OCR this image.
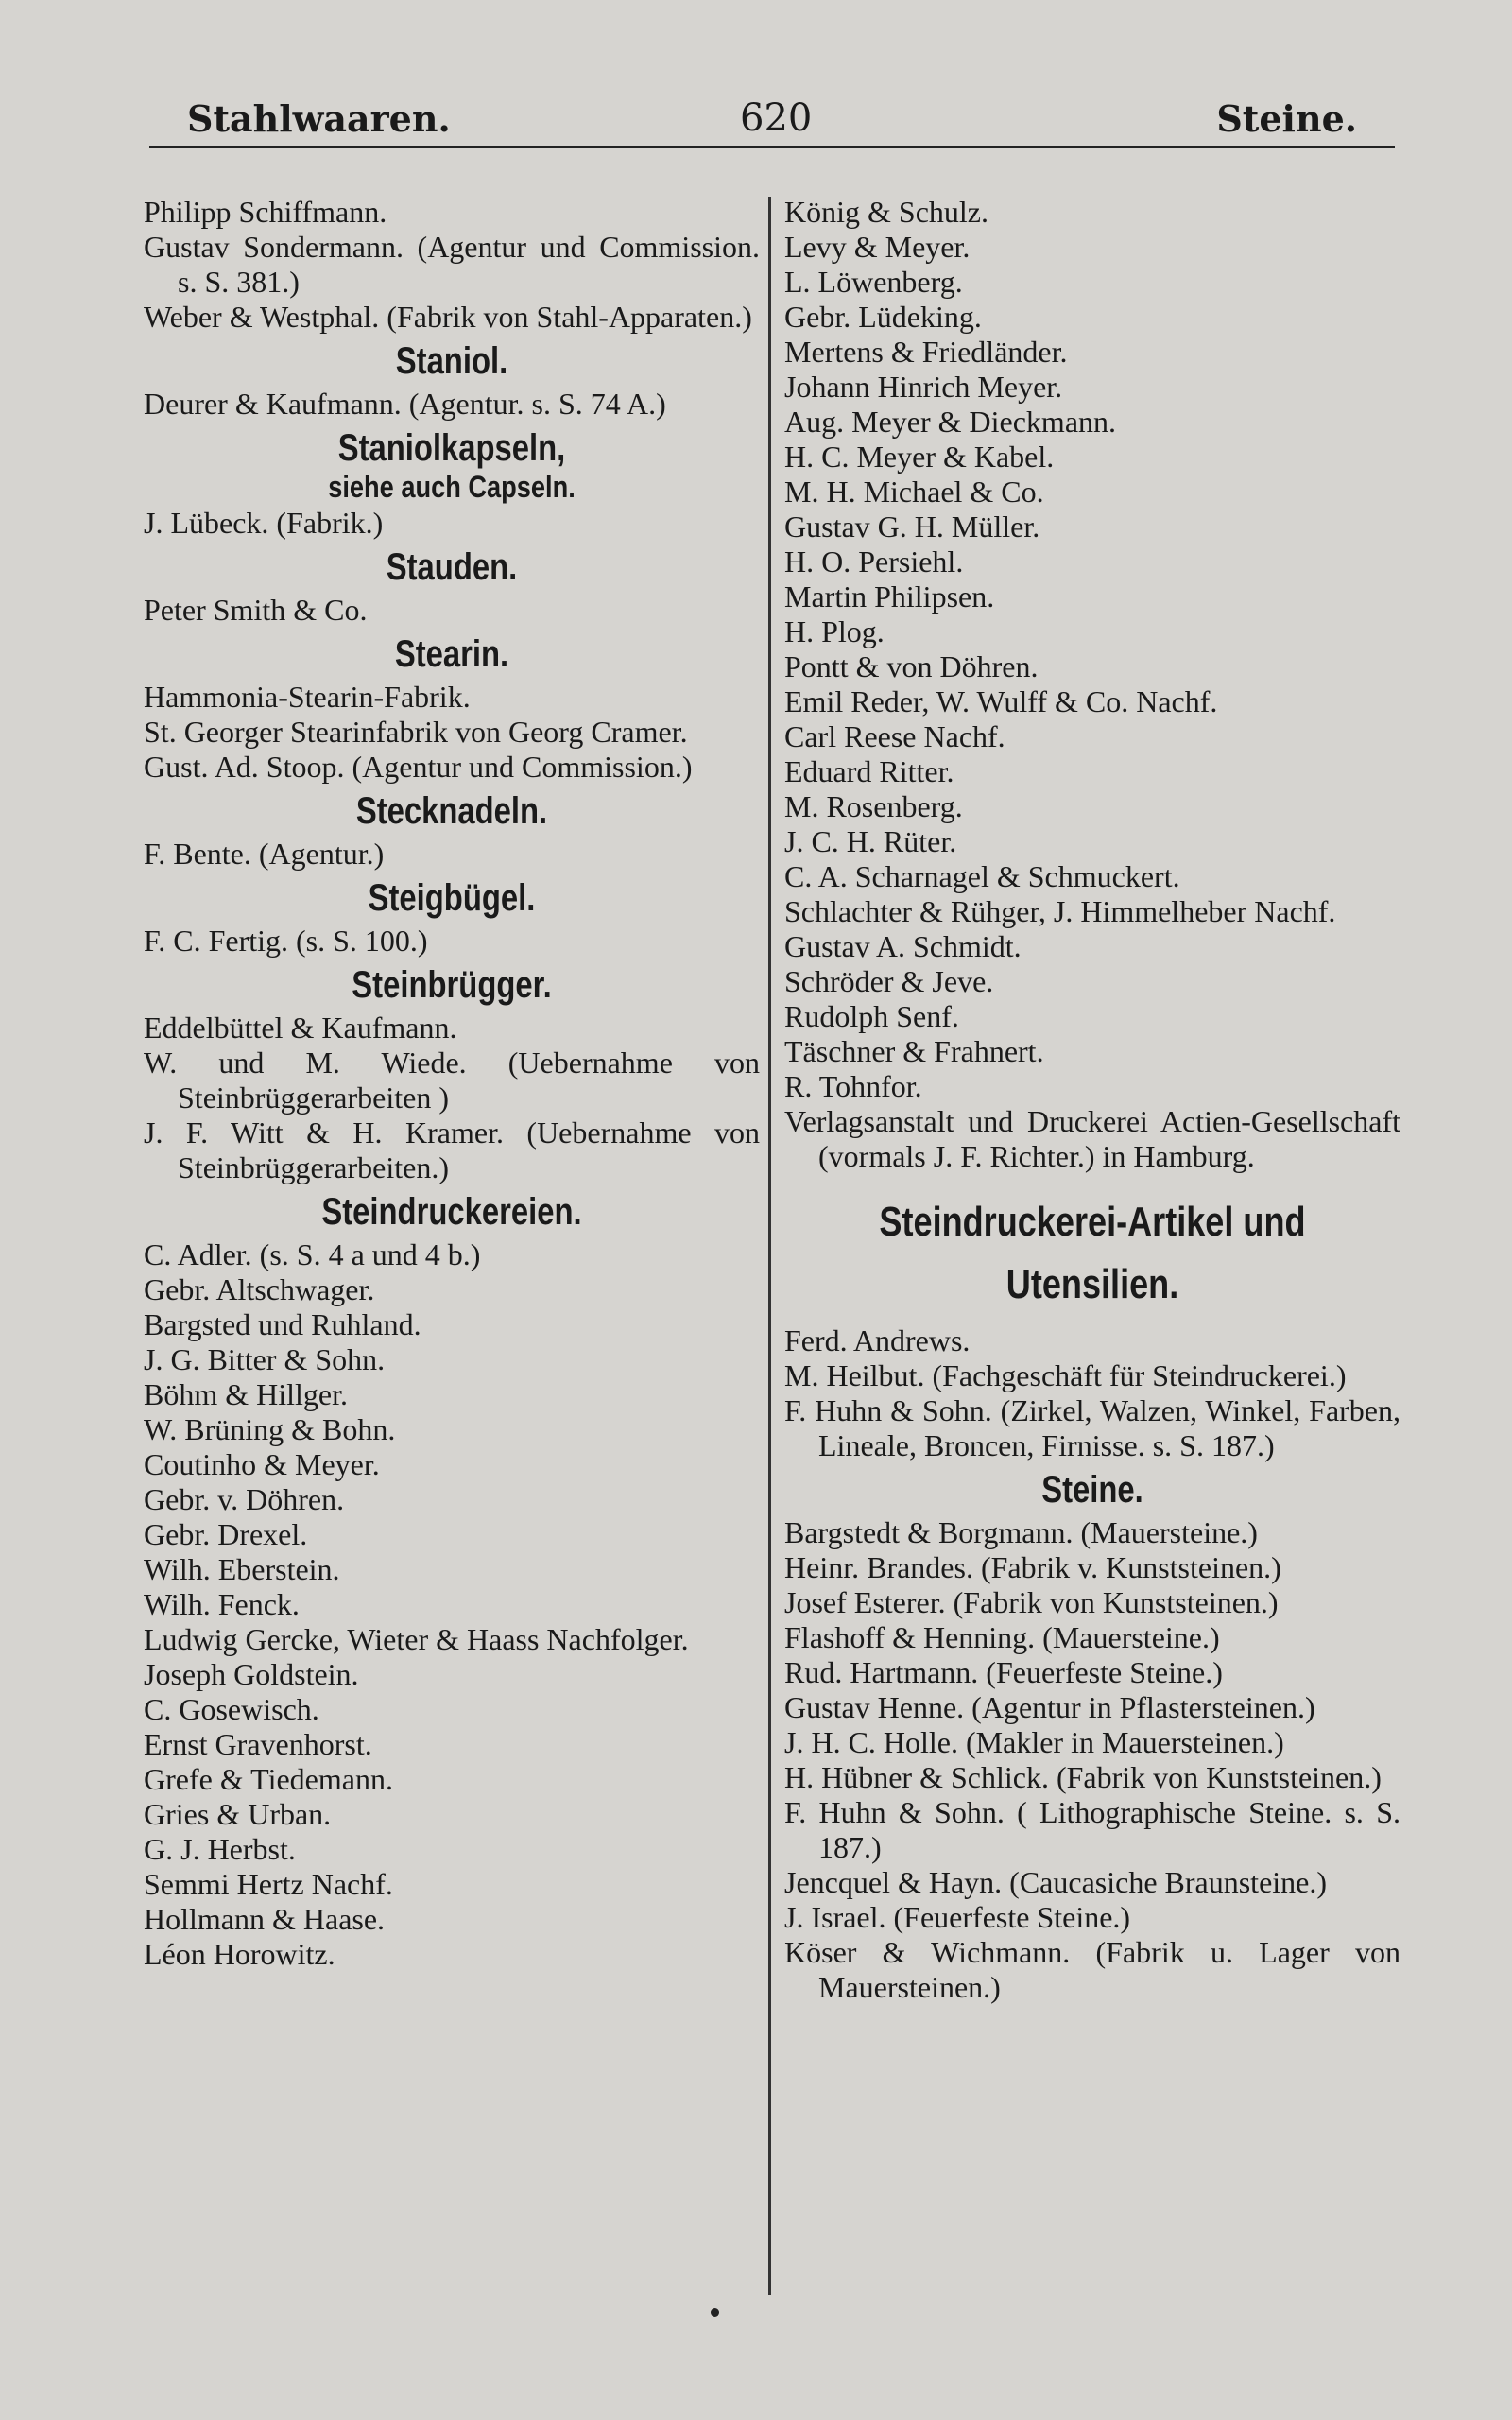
Stahlwaaren.	620	Steine.
Philipp Schiffmann.
Gustav Sondermann. (Agentur und Commission. s. S. 381.)
Weber & Westphal. (Fabrik von Stahl-Apparaten.)
Staniol.
Deurer & Kaufmann. (Agentur. s. S. 74 A.)
Staniolkapseln,
siehe auch Capseln.
J. Lübeck. (Fabrik.)
Stauden.
Peter Smith & Co.
Stearin.
Hammonia-Stearin-Fabrik.
St. Georger Stearinfabrik von Georg Cramer.
Gust. Ad. Stoop. (Agentur und Commission.)
Stecknadeln.
F. Bente. (Agentur.)
Steigbügel.
F. C. Fertig. (s. S. 100.)
Steinbrügger.
Eddelbüttel & Kaufmann.
W. und M. Wiede. (Uebernahme von Steinbrüggerarbeiten )
J. F. Witt & H. Kramer. (Uebernahme von Steinbrüggerarbeiten.)
Steindruckereien.
C. Adler. (s. S. 4 a und 4 b.)
Gebr. Altschwager.
Bargsted und Ruhland.
J. G. Bitter & Sohn.
Böhm & Hillger.
W. Brüning & Bohn.
Coutinho & Meyer.
Gebr. v. Döhren.
Gebr. Drexel.
Wilh. Eberstein.
Wilh. Fenck.
Ludwig Gercke, Wieter & Haass Nachfolger.
Joseph Goldstein.
C. Gosewisch.
Ernst Gravenhorst.
Grefe & Tiedemann.
Gries & Urban.
G. J. Herbst.
Semmi Hertz Nachf.
Hollmann & Haase.
Léon Horowitz.
König & Schulz.
Levy & Meyer.
L. Löwenberg.
Gebr. Lüdeking.
Mertens & Friedländer.
Johann Hinrich Meyer.
Aug. Meyer & Dieckmann.
H. C. Meyer & Kabel.
M. H. Michael & Co.
Gustav G. H. Müller.
H. O. Persiehl.
Martin Philipsen.
H. Plog.
Pontt & von Döhren.
Emil Reder, W. Wulff & Co. Nachf.
Carl Reese Nachf.
Eduard Ritter.
M. Rosenberg.
J. C. H. Rüter.
C. A. Scharnagel & Schmuckert.
Schlachter & Rühger, J. Himmelheber Nachf.
Gustav A. Schmidt.
Schröder & Jeve.
Rudolph Senf.
Täschner & Frahnert.
R. Tohnfor.
Verlagsanstalt und Druckerei Actien-Gesellschaft (vormals J. F. Richter.) in Hamburg.
Steindruckerei-Artikel und Utensilien.
Ferd. Andrews.
M. Heilbut. (Fachgeschäft für Steindruckerei.)
F. Huhn & Sohn. (Zirkel, Walzen, Winkel, Farben, Lineale, Broncen, Firnisse. s. S. 187.)
Steine.
Bargstedt & Borgmann. (Mauersteine.)
Heinr. Brandes. (Fabrik v. Kunststeinen.)
Josef Esterer. (Fabrik von Kunststeinen.)
Flashoff & Henning. (Mauersteine.)
Rud. Hartmann. (Feuerfeste Steine.)
Gustav Henne. (Agentur in Pflastersteinen.)
J. H. C. Holle. (Makler in Mauersteinen.)
H. Hübner & Schlick. (Fabrik von Kunststeinen.)
F. Huhn & Sohn. ( Lithographische Steine. s. S. 187.)
Jencquel & Hayn. (Caucasiche Braunsteine.)
J. Israel. (Feuerfeste Steine.)
Köser & Wichmann. (Fabrik u. Lager von Mauersteinen.)
